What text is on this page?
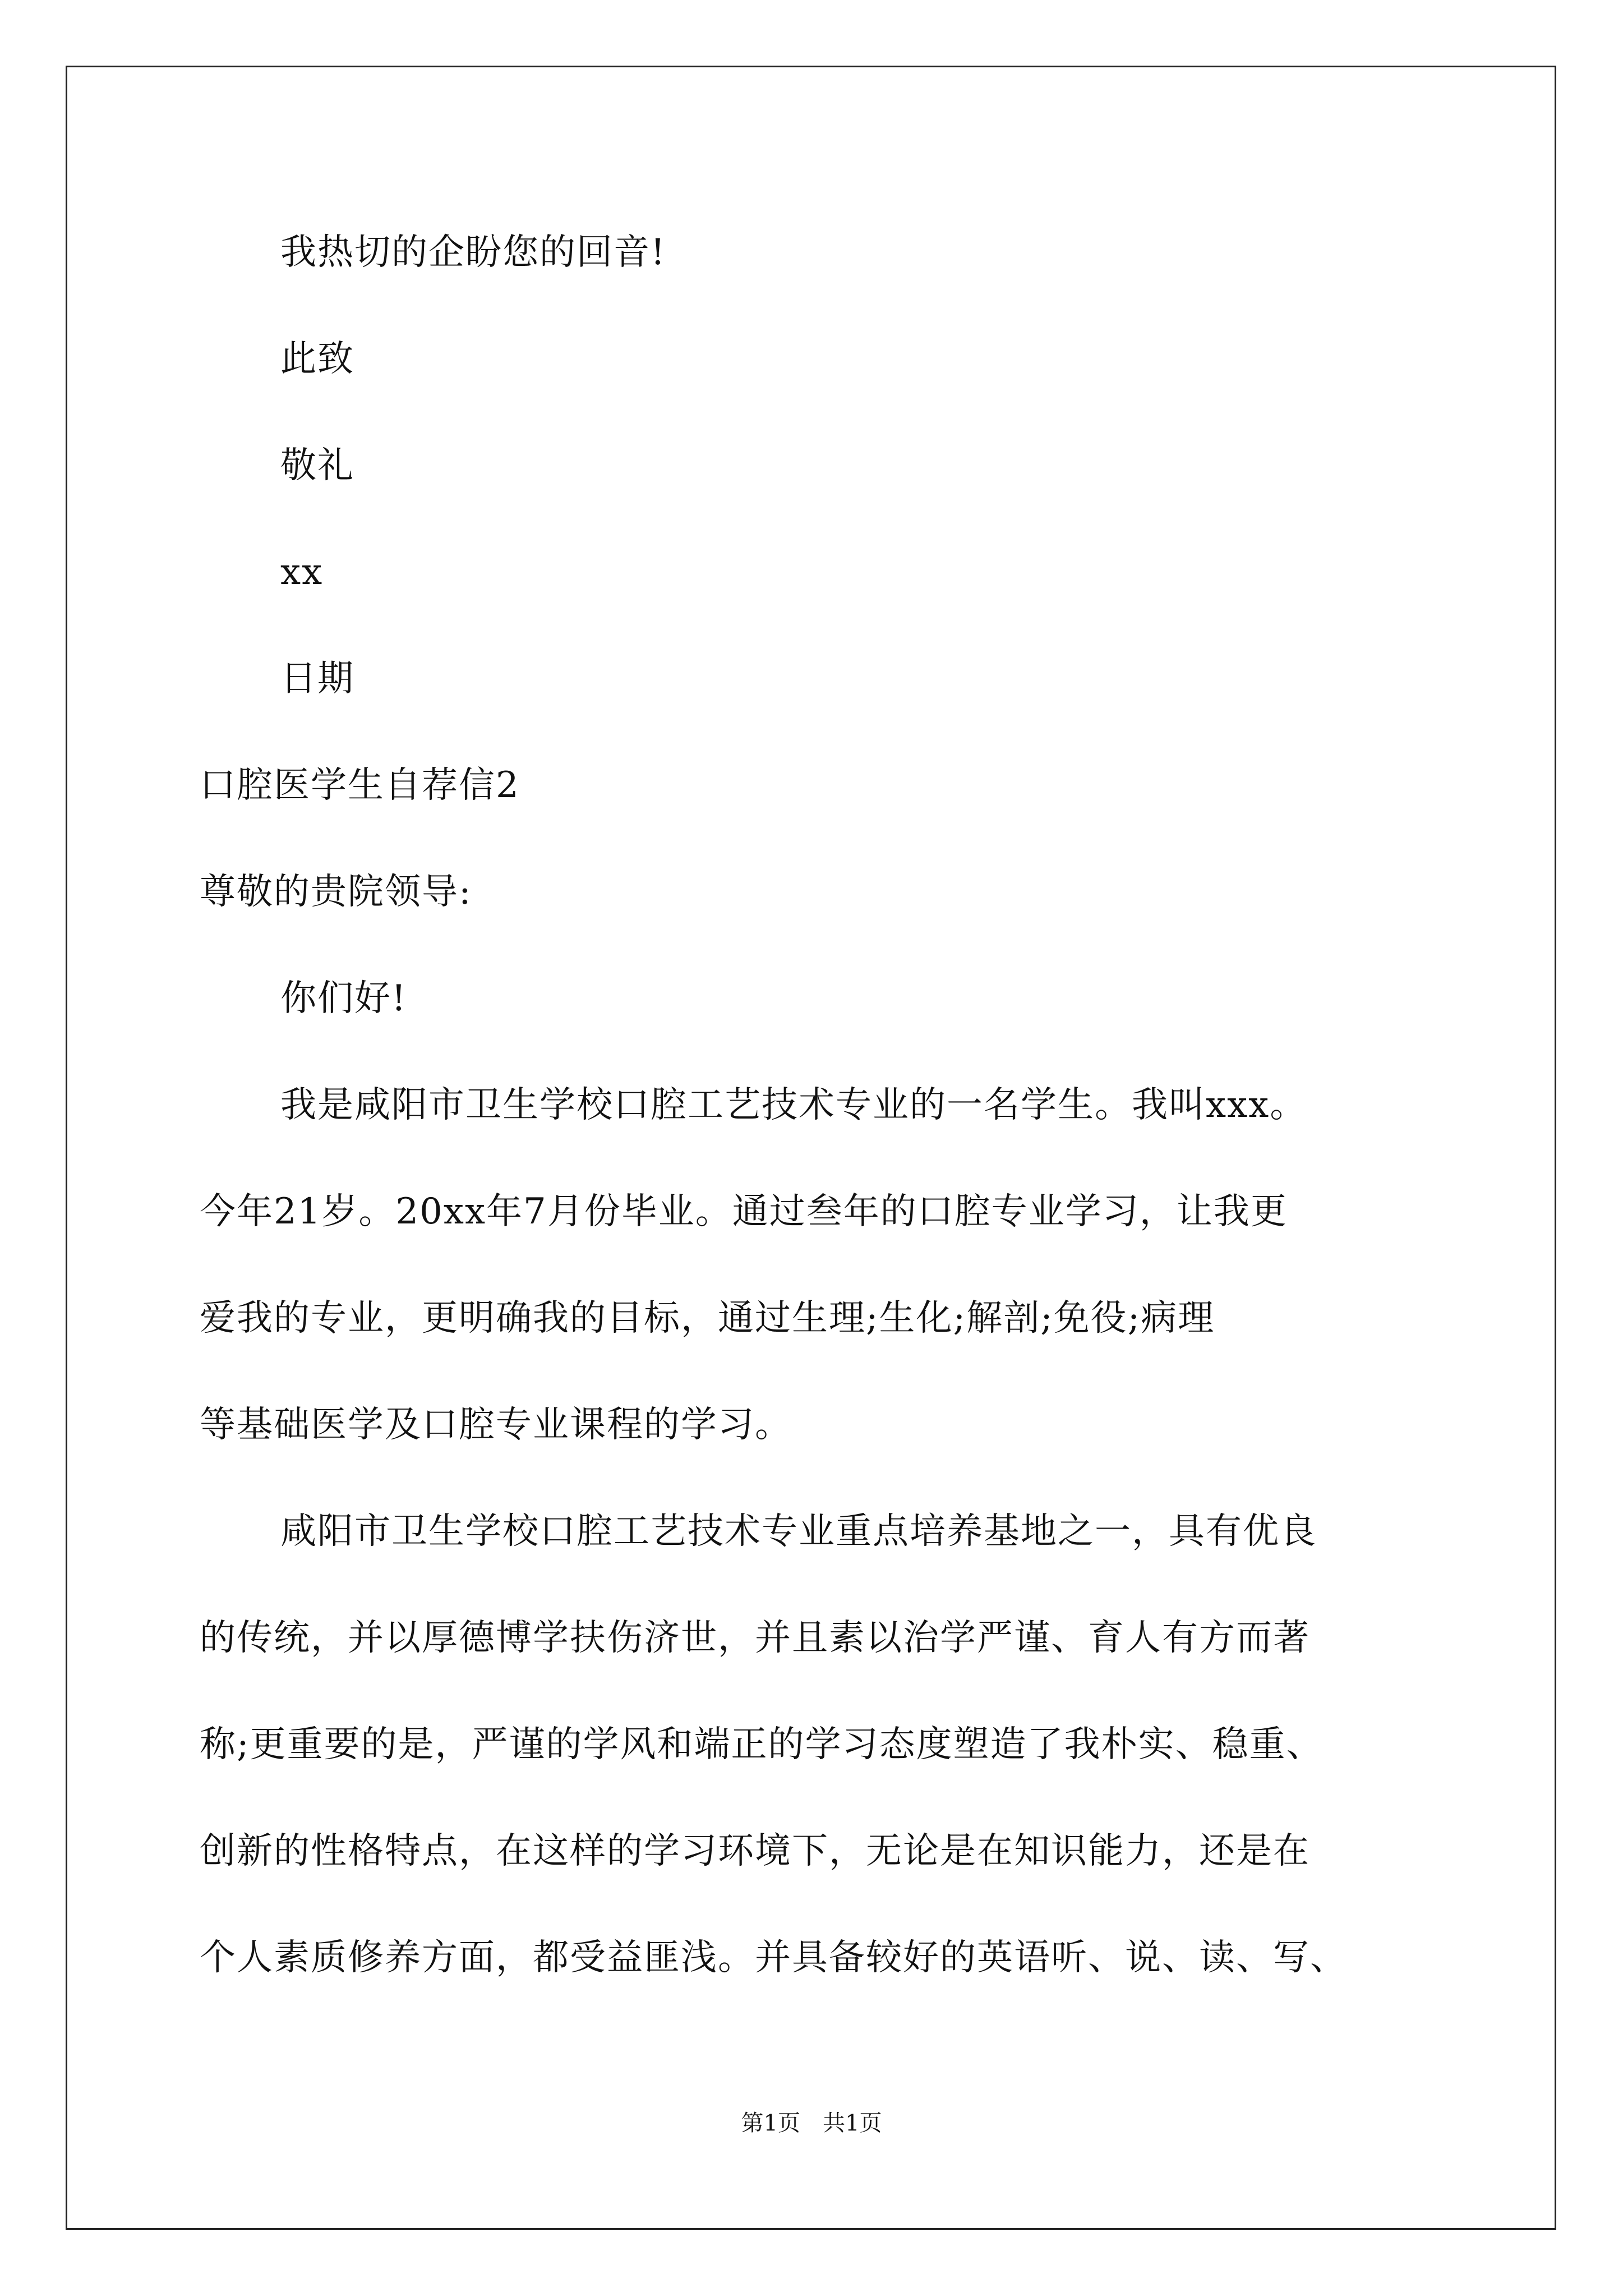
我热切的企盼您的回音!
此致
敬礼
xx
日期
口腔医学生自荐信2
尊敬的贵院领导:
你们好!
我是咸阳市卫生学校口腔工艺技术专业的一名学生。我叫xxx。
今年21岁。20xx年7月份毕业。通过叁年的口腔专业学习，让我更
爱我的专业，更明确我的目标，通过生理;生化;解剖;免役;病理
等基础医学及口腔专业课程的学习。
咸阳市卫生学校口腔工艺技术专业重点培养基地之一，具有优良
的传统，并以厚德博学扶伤济世，并且素以治学严谨、育人有方而著
称;更重要的是，严谨的学风和端正的学习态度塑造了我朴实、稳重、
创新的性格特点，在这样的学习环境下，无论是在知识能力，还是在
个人素质修养方面，都受益匪浅。并具备较好的英语听、说、读、写、
第1页　共1页
